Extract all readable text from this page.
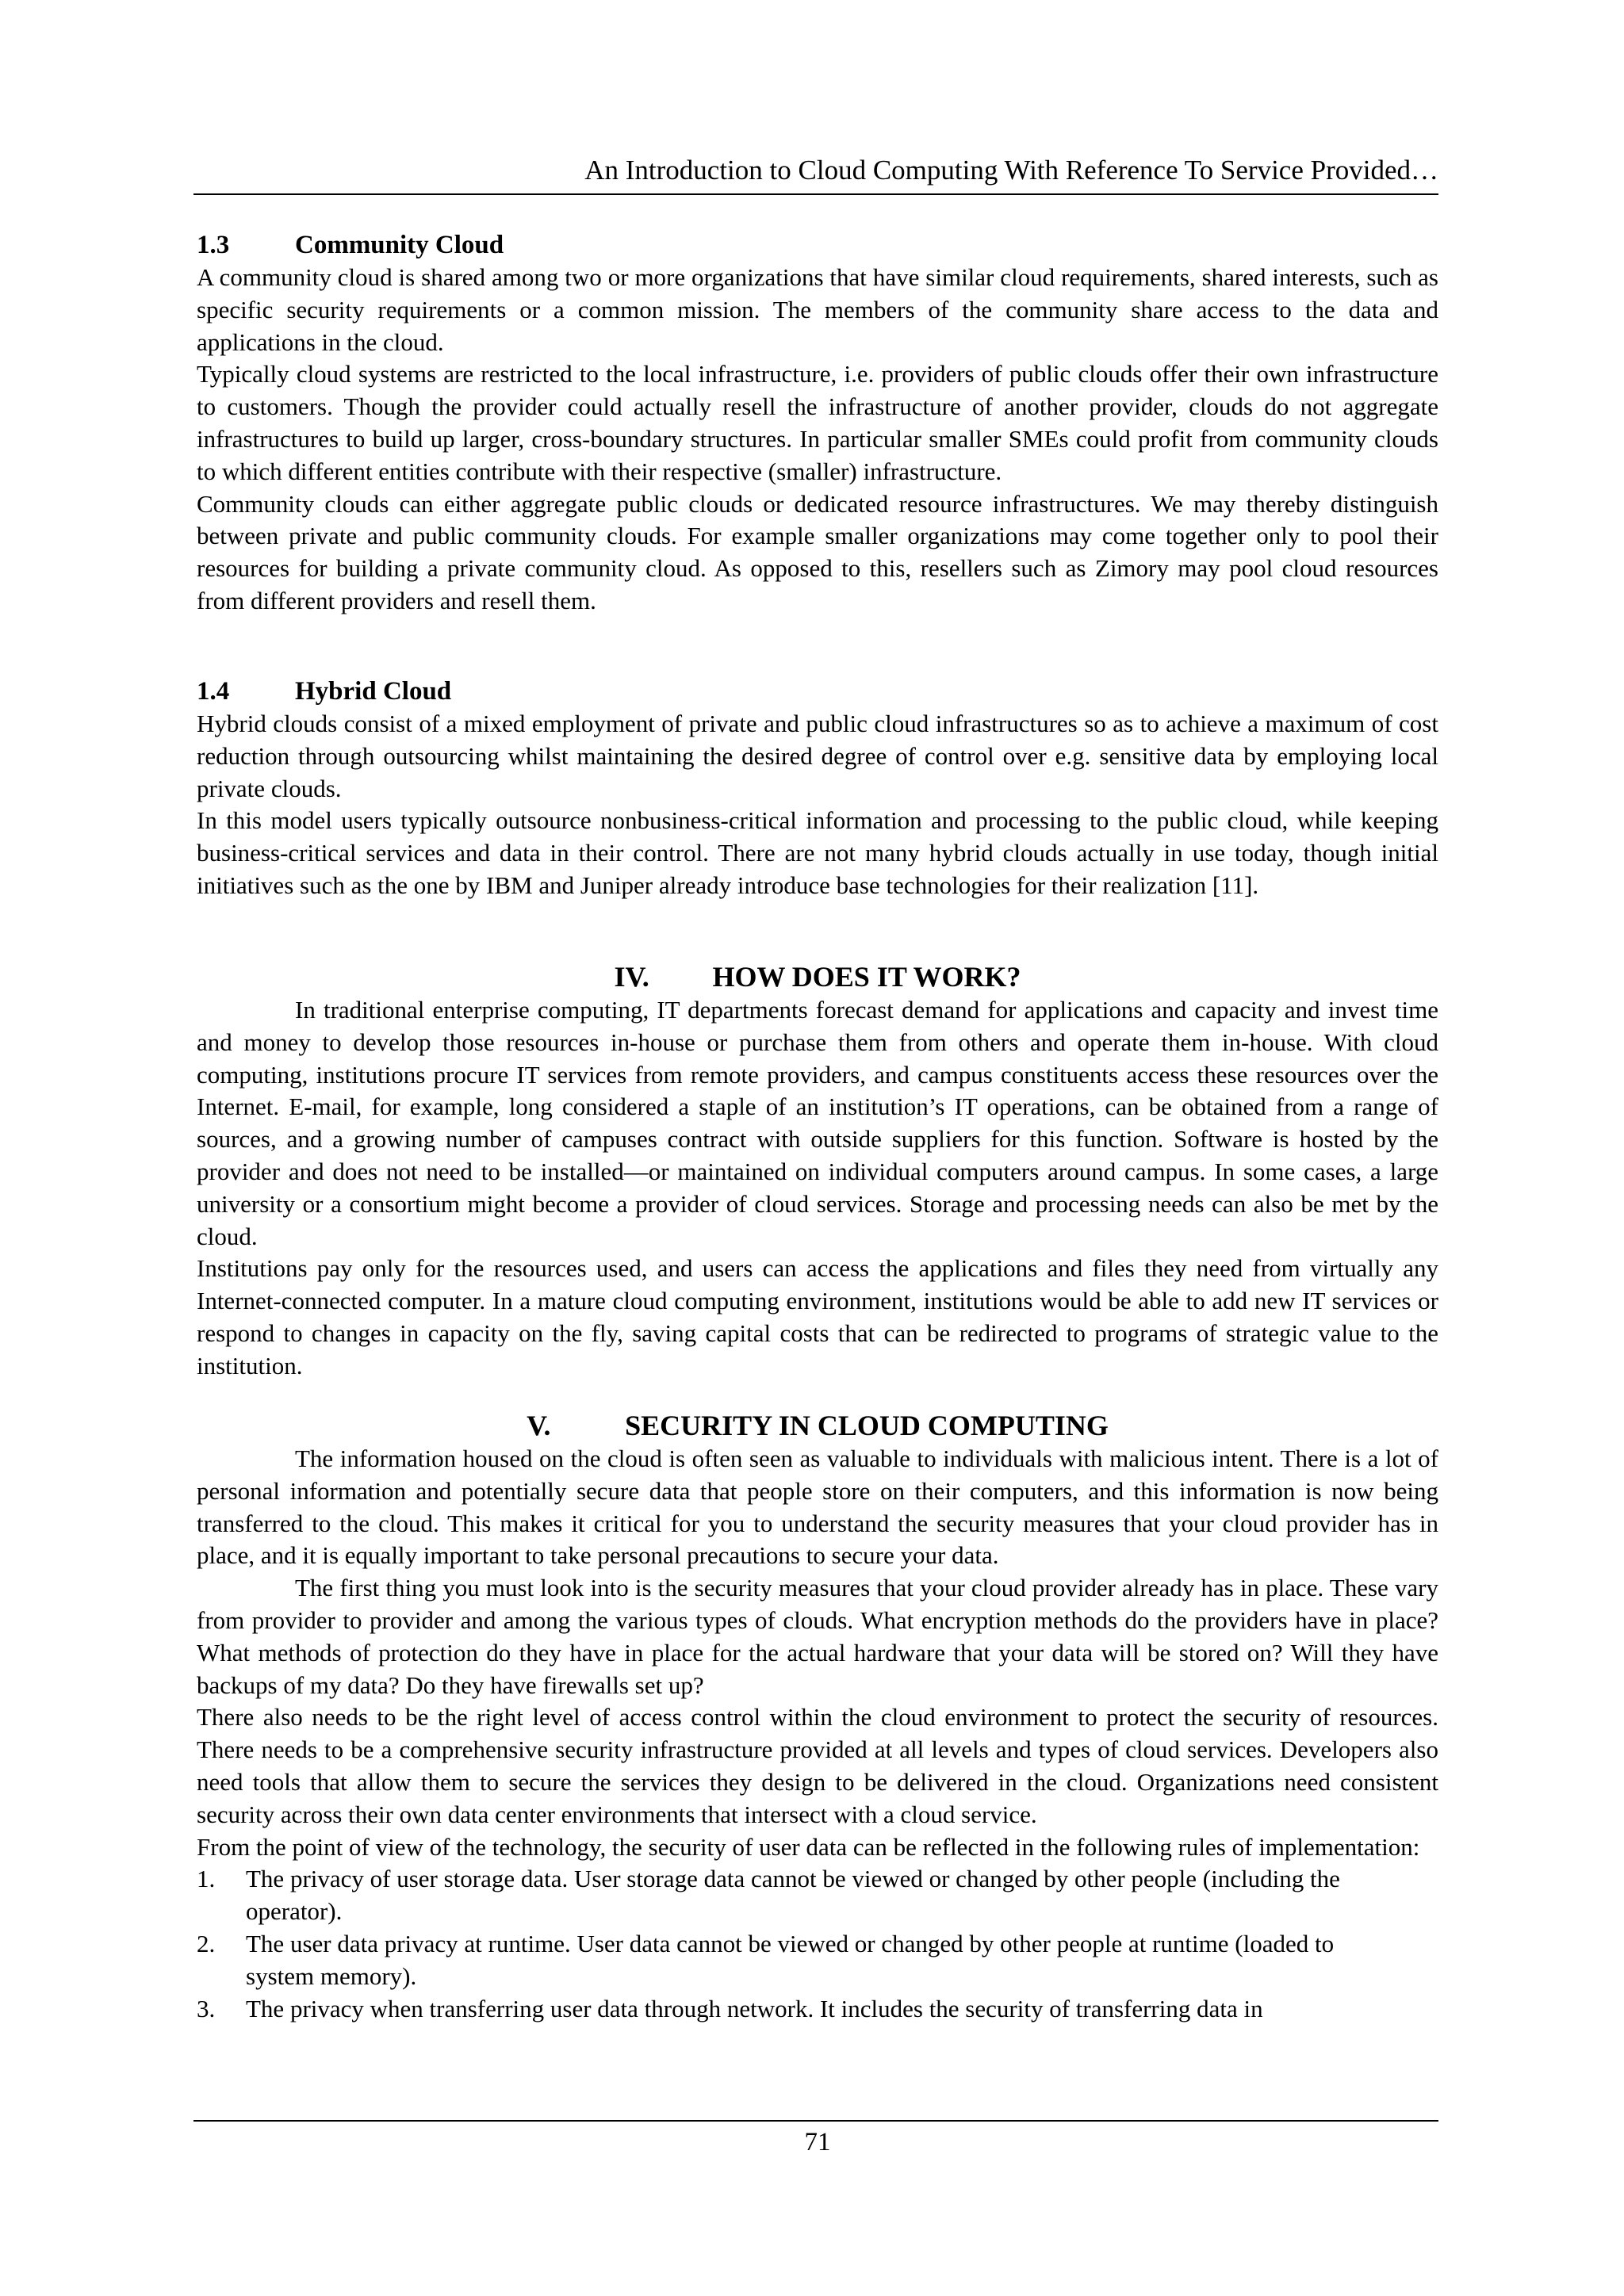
An Introduction to Cloud Computing With Reference To Service Provided…
1.3	Community Cloud

A community cloud is shared among two or more organizations that have similar cloud requirements, shared interests, such as specific security requirements or a common mission. The members of the community share access to the data and applications in the cloud.

Typically cloud systems are restricted to the local infrastructure, i.e. providers of public clouds offer their own infrastructure to customers. Though the provider could actually resell the infrastructure of another provider, clouds do not aggregate infrastructures to build up larger, cross-boundary structures. In particular smaller SMEs could profit from community clouds to which different entities contribute with their respective (smaller) infrastructure.

Community clouds can either aggregate public clouds or dedicated resource infrastructures. We may thereby distinguish between private and public community clouds. For example smaller organizations may come together only to pool their resources for building a private community cloud. As opposed to this, resellers such as Zimory may pool cloud resources from different providers and resell them.

1.4	Hybrid Cloud

Hybrid clouds consist of a mixed employment of private and public cloud infrastructures so as to achieve a maximum of cost reduction through outsourcing whilst maintaining the desired degree of control over e.g. sensitive data by employing local private clouds.

In this model users typically outsource nonbusiness-critical information and processing to the public cloud, while keeping business-critical services and data in their control. There are not many hybrid clouds actually in use today, though initial initiatives such as the one by IBM and Juniper already introduce base technologies for their realization [11].

IV. HOW DOES IT WORK?

In traditional enterprise computing, IT departments forecast demand for applications and capacity and invest time and money to develop those resources in-house or purchase them from others and operate them in-house. With cloud computing, institutions procure IT services from remote providers, and campus constituents access these resources over the Internet. E-mail, for example, long considered a staple of an institution’s IT operations, can be obtained from a range of sources, and a growing number of campuses contract with outside suppliers for this function. Software is hosted by the provider and does not need to be installed—or maintained on individual computers around campus. In some cases, a large university or a consortium might become a provider of cloud services. Storage and processing needs can also be met by the cloud.

Institutions pay only for the resources used, and users can access the applications and files they need from virtually any Internet-connected computer. In a mature cloud computing environment, institutions would be able to add new IT services or respond to changes in capacity on the fly, saving capital costs that can be redirected to programs of strategic value to the institution.

V.	SECURITY IN CLOUD COMPUTING

The information housed on the cloud is often seen as valuable to individuals with malicious intent. There is a lot of personal information and potentially secure data that people store on their computers, and this information is now being transferred to the cloud. This makes it critical for you to understand the security measures that your cloud provider has in place, and it is equally important to take personal precautions to secure your data.

The first thing you must look into is the security measures that your cloud provider already has in place. These vary from provider to provider and among the various types of clouds. What encryption methods do the providers have in place? What methods of protection do they have in place for the actual hardware that your data will be stored on? Will they have backups of my data? Do they have firewalls set up?

There also needs to be the right level of access control within the cloud environment to protect the security of resources. There needs to be a comprehensive security infrastructure provided at all levels and types of cloud services. Developers also need tools that allow them to secure the services they design to be delivered in the cloud. Organizations need consistent security across their own data center environments that intersect with a cloud service.

From the point of view of the technology, the security of user data can be reflected in the following rules of implementation:

1. The privacy of user storage data. User storage data cannot be viewed or changed by other people (including the operator).
2. The user data privacy at runtime. User data cannot be viewed or changed by other people at runtime (loaded to system memory).
3. The privacy when transferring user data through network. It includes the security of transferring data in
71
